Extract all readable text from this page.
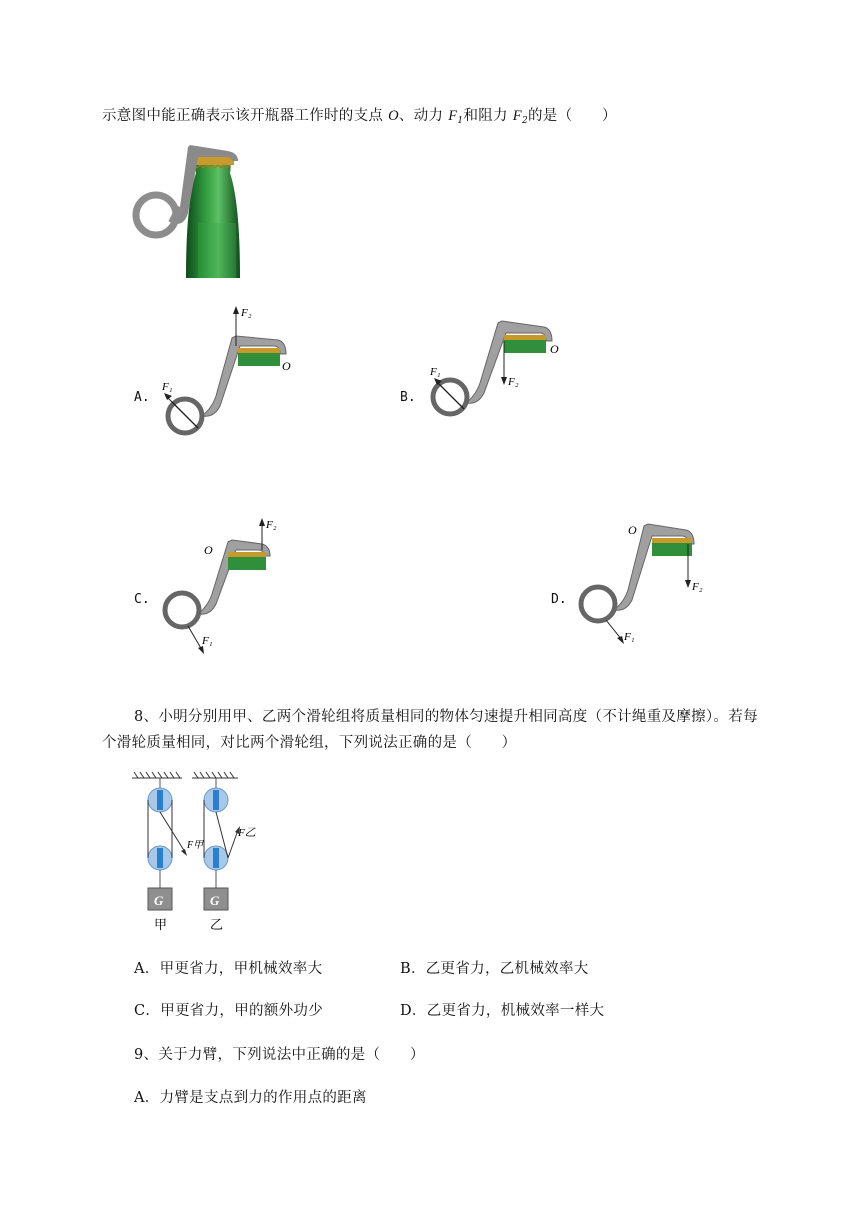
示意图中能正确表示该开瓶器工作时的支点 O、动力 $F_1$和阻力 $F_2$的是（　　）
A.
F₁
F₂
O
B.
F₁
F₂
O
C.
O
F₂
F₁
D.
O
F₂
F₁
8、小明分别用甲、乙两个滑轮组将质量相同的物体匀速提升相同高度（不计绳重及摩擦）。若每
个滑轮质量相同，对比两个滑轮组，下列说法正确的是（　　）
G
F甲
甲
G
F乙
乙
A．甲更省力，甲机械效率大	B．乙更省力，乙机械效率大
C．甲更省力，甲的额外功少	D．乙更省力，机械效率一样大
9、关于力臂，下列说法中正确的是（　　）
A．力臂是支点到力的作用点的距离
